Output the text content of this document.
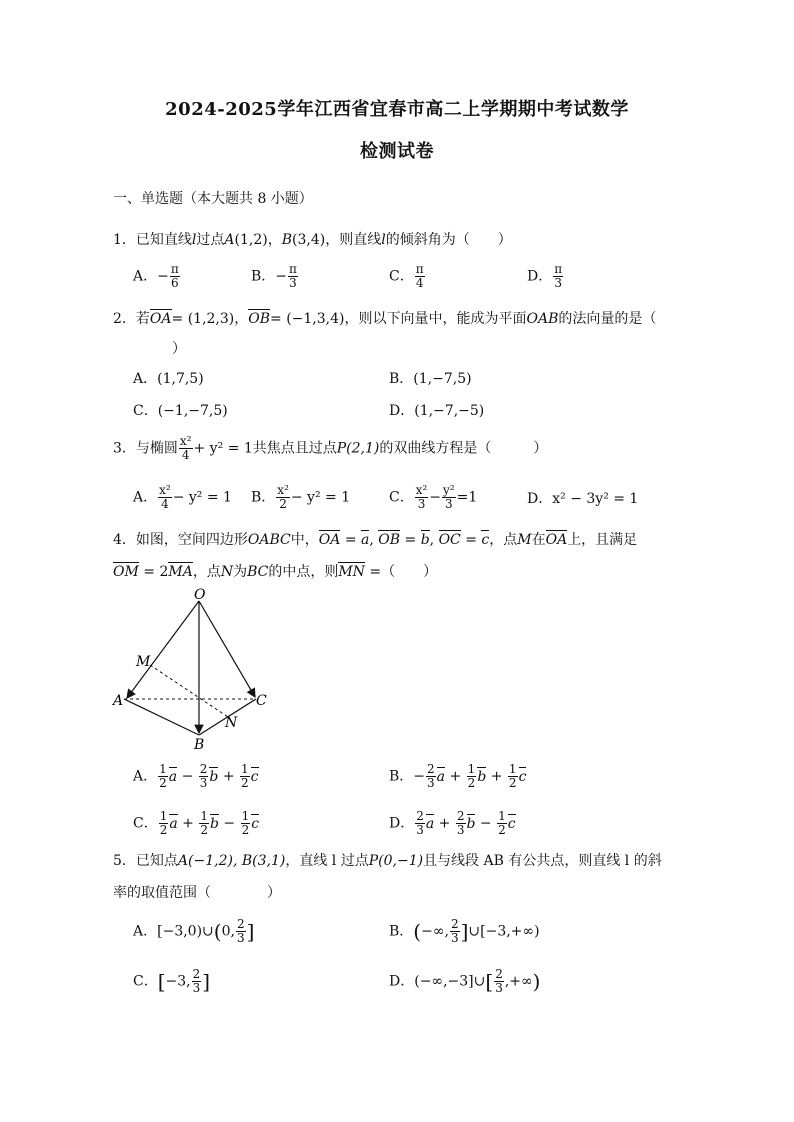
2024-2025学年江西省宜春市高二上学期期中考试数学
检测试卷
一、单选题（本大题共 8 小题）
1．已知直线l过点A(1,2)，B(3,4)，则直线l的倾斜角为（　　）
A．− $\frac{\pi}{6}$	B．− $\frac{\pi}{3}$	C． $\frac{\pi}{4}$	D． $\frac{\pi}{3}$
2．若OA= (1,2,3)，OB= (−1,3,4)，则以下向量中，能成为平面OAB的法向量的是（
）
A．(1,7,5)	B．(1,−7,5)
C．(−1,−7,5)	D．(1,−7,−5)
3．与椭圆 $\frac{\text{x²}}{4} + y^2 = 1$共焦点且过点P(2,1)的双曲线方程是（　　　）
A． $\frac{\text{x²}}{4} - y^2 = 1$ B． $\frac{\text{x²}}{2} - y^2 = 1$	C． $\frac{\text{x²}}{3} - \frac{\text{y²}}{3} =1$	D．x² − 3y² = 1
4．如图，空间四边形OABC中，OA = a, OB = b, OC = c，点M在OA上，且满足
OM = 2MA，点N为BC的中点，则MN =（　　）
O
M
A	C
N
B
A． $\frac{1}{2}$ $a - \frac{2}{3}$ $b + \frac{1}{2}$ c	B．− $\frac{2}{3}$ $a + \frac{1}{2}$ $b + \frac{1}{2}$ c
C． $\frac{1}{2}$ $a + \frac{1}{2}$ $b - \frac{1}{2}$ c	D． $\frac{2}{3}$ $a + \frac{2}{3}$ $b - \frac{1}{2}$ c
5．已知点A(−1,2), B(3,1)，直线 l 过点P(0,−1)且与线段 AB 有公共点，则直线 l 的斜
率的取值范围（　　　　）
A．[−3,0)∪(0, $\frac{2}{3}$ ]	B．(−∞, $\frac{2}{3}$ ]∪[−3,+∞)
C．[−3, $\frac{2}{3}$ ]	D．(−∞,−3]∪[ $\frac{2}{3}$ ,+∞)
